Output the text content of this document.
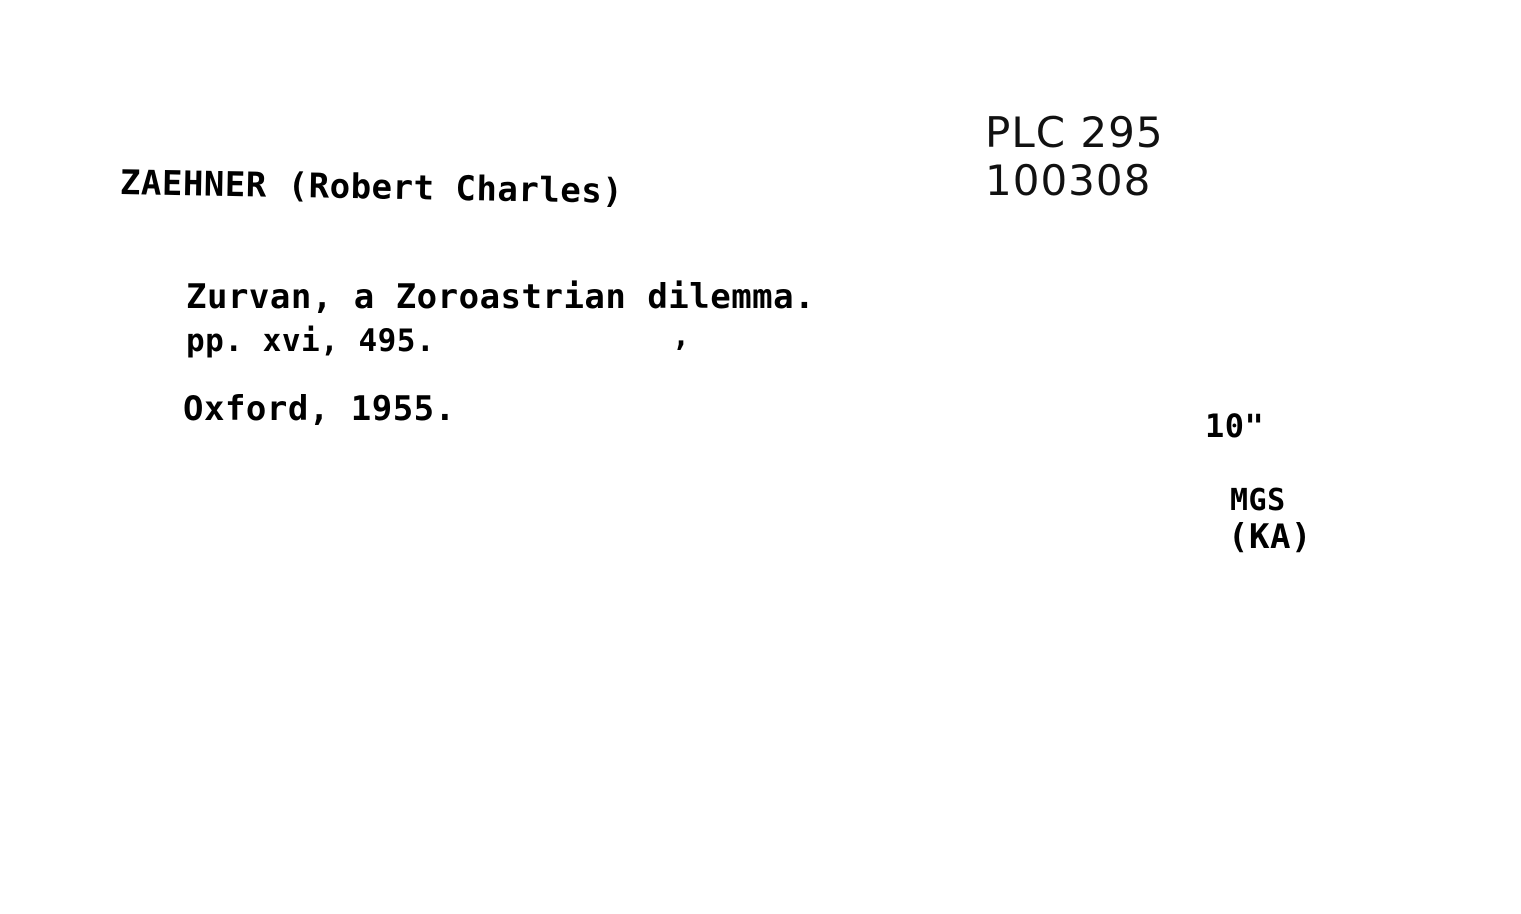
PLC 295
100308
ZAEHNER (Robert Charles)
Zurvan, a Zoroastrian dilemma.
pp. xvi, 495.	,
Oxford, 1955.	10"
MGS
(KA)
